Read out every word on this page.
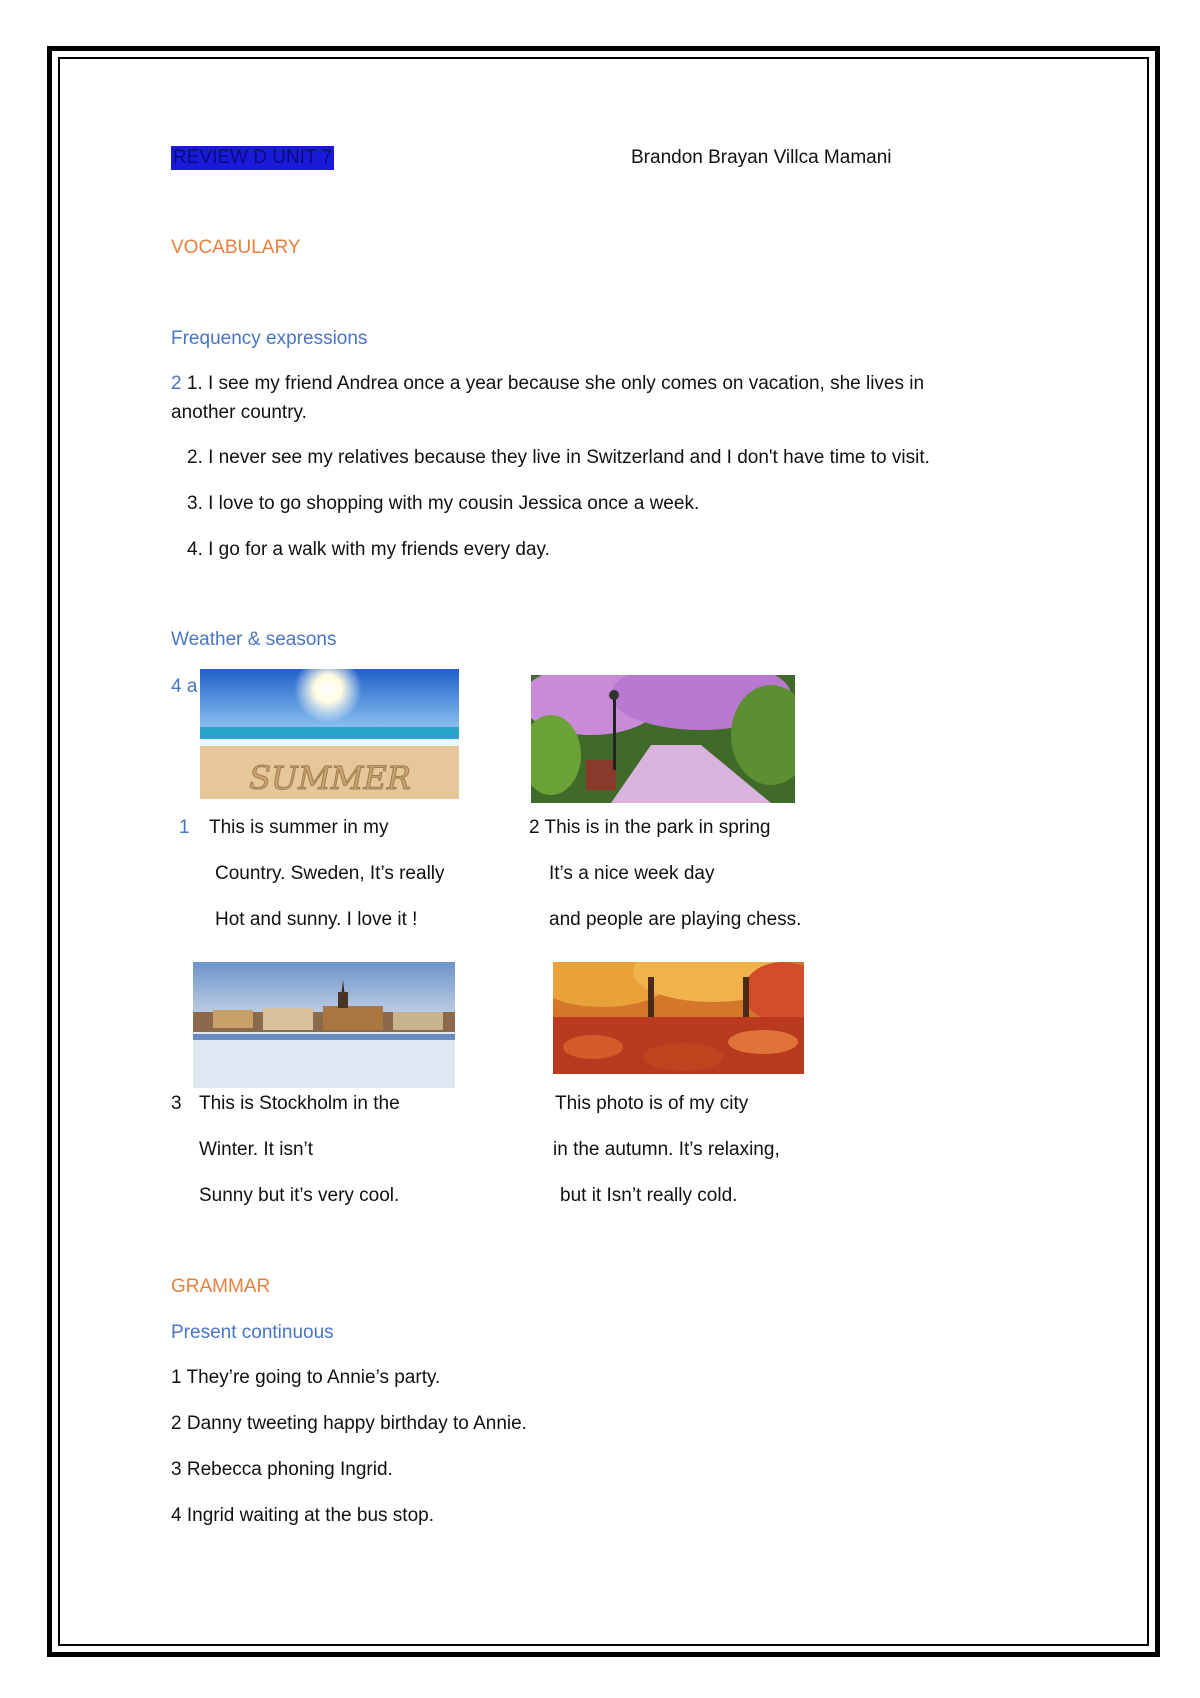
REVIEW D UNIT 7	Brandon Brayan Villca Mamani
VOCABULARY
Frequency expressions
2 1. I see my friend Andrea once a year because she only comes on vacation, she lives in
another country.
2. I never see my relatives because they live in Switzerland and I don't have time to visit.
3. I love to go shopping with my cousin Jessica once a week.
4. I go for a walk with my friends every day.
Weather & seasons
4 a
SUMMER
1 This is summer in my
Country. Sweden, It’s really
Hot and sunny. I love it !
2 This is in the park in spring
It’s a nice week day
and people are playing chess.
3 This is Stockholm in the
Winter. It isn’t
Sunny but it’s very cool.
This photo is of my city
in the autumn. It’s relaxing,
but it Isn’t really cold.
GRAMMAR
Present continuous
1 They’re going to Annie’s party.
2 Danny tweeting happy birthday to Annie.
3 Rebecca phoning Ingrid.
4 Ingrid waiting at the bus stop.
